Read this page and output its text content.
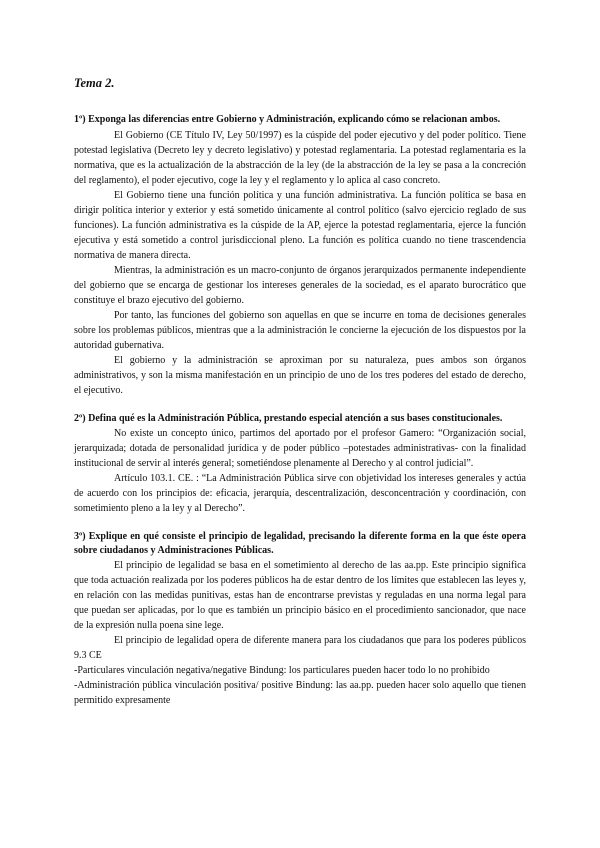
Tema 2.
1º) Exponga las diferencias entre Gobierno y Administración, explicando cómo se relacionan ambos.

El Gobierno (CE Título IV, Ley 50/1997) es la cúspide del poder ejecutivo y del poder político. Tiene potestad legislativa (Decreto ley y decreto legislativo) y potestad reglamentaria. La potestad reglamentaria es la normativa, que es la actualización de la abstracción de la ley (de la abstracción de la ley se pasa a la concreción del reglamento), el poder ejecutivo, coge la ley y el reglamento y lo aplica al caso concreto.

El Gobierno tiene una función política y una función administrativa. La función política se basa en dirigir política interior y exterior y está sometido únicamente al control político (salvo ejercicio reglado de sus funciones). La función administrativa es la cúspide de la AP, ejerce la potestad reglamentaria, ejerce la función ejecutiva y está sometido a control jurisdiccional pleno. La función es política cuando no tiene trascendencia normativa de manera directa.

Mientras, la administración es un macro-conjunto de órganos jerarquizados permanente independiente del gobierno que se encarga de gestionar los intereses generales de la sociedad, es el aparato burocrático que constituye el brazo ejecutivo del gobierno.

Por tanto, las funciones del gobierno son aquellas en que se incurre en toma de decisiones generales sobre los problemas públicos, mientras que a la administración le concierne la ejecución de los dispuestos por la autoridad gubernativa.

El gobierno y la administración se aproximan por su naturaleza, pues ambos son órganos administrativos, y son la misma manifestación en un principio de uno de los tres poderes del estado de derecho, el ejecutivo.

2º) Defina qué es la Administración Pública, prestando especial atención a sus bases constitucionales.

No existe un concepto único, partimos del aportado por el profesor Gamero: “Organización social, jerarquizada; dotada de personalidad jurídica y de poder público –potestades administrativas- con la finalidad institucional de servir al interés general; sometiéndose plenamente al Derecho y al control judicial”.

Artículo 103.1. CE. : “La Administración Pública sirve con objetividad los intereses generales y actúa de acuerdo con los principios de: eficacia, jerarquía, descentralización, desconcentración y coordinación, con sometimiento pleno a la ley y al Derecho”.

3º) Explique en qué consiste el principio de legalidad, precisando la diferente forma en la que éste opera sobre ciudadanos y Administraciones Públicas.

El principio de legalidad se basa en el sometimiento al derecho de las aa.pp. Este principio significa que toda actuación realizada por los poderes públicos ha de estar dentro de los límites que establecen las leyes y, en relación con las medidas punitivas, estas han de encontrarse previstas y reguladas en una norma legal para que puedan ser aplicadas, por lo que es también un principio básico en el procedimiento sancionador, que nace de la expresión nulla poena sine lege.

El principio de legalidad opera de diferente manera para los ciudadanos que para los poderes públicos 9.3 CE

-Particulares vinculación negativa/negative Bindung: los particulares pueden hacer todo lo no prohibido

-Administración pública vinculación positiva/ positive Bindung: las aa.pp. pueden hacer solo aquello que tienen permitido expresamente
